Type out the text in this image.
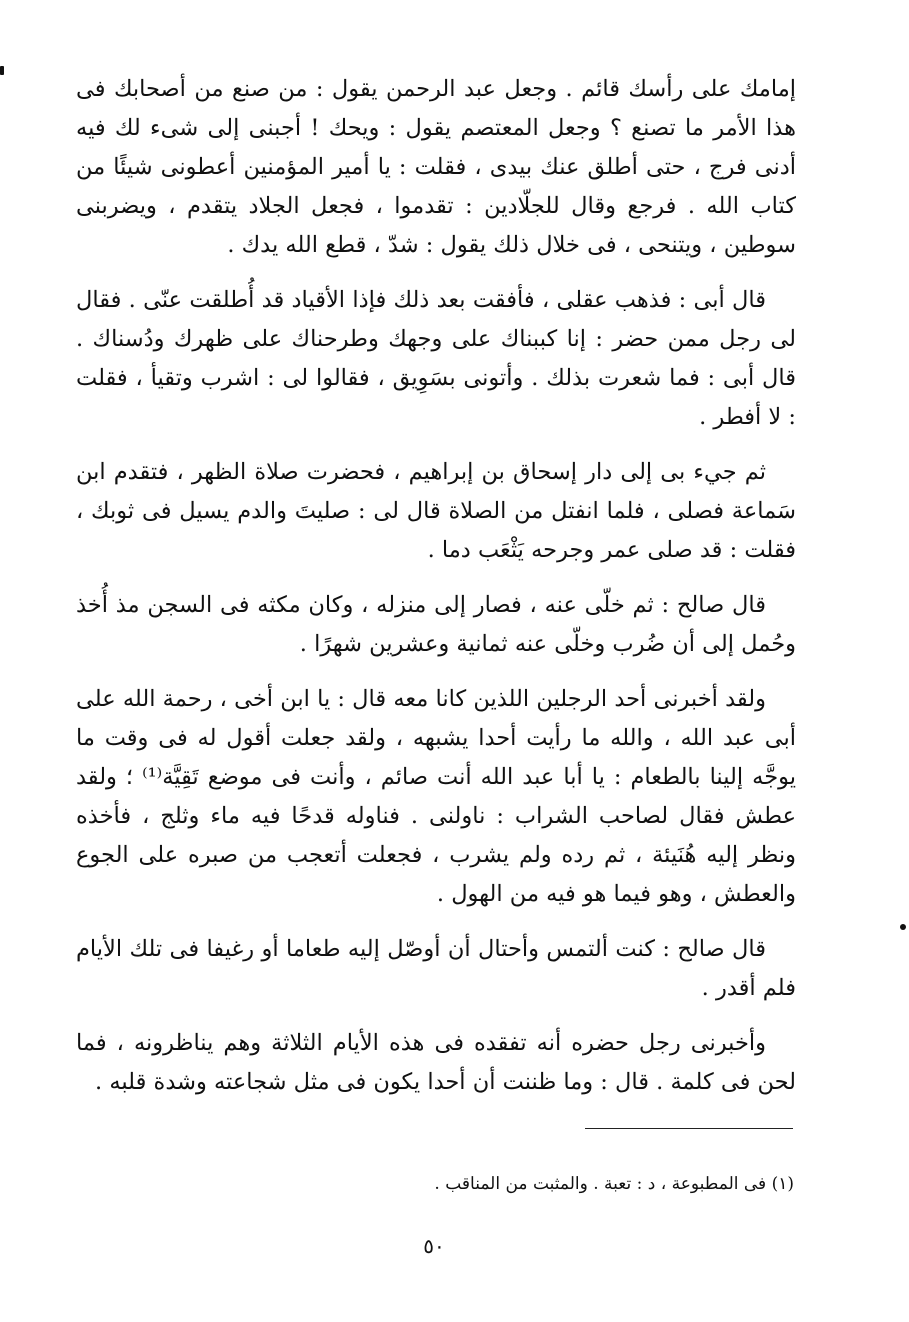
إمامك على رأسك قائم . وجعل عبد الرحمن يقول : من صنع من أصحابك فى هذا الأمر ما تصنع ؟ وجعل المعتصم يقول : ويحك ! أجبنى إلى شىء لك فيه أدنى فرج ، حتى أطلق عنك بيدى ، فقلت : يا أمير المؤمنين أعطونى شيئًا من كتاب الله . فرجع وقال للجلّادين : تقدموا ، فجعل الجلاد يتقدم ، ويضربنى سوطين ، ويتنحى ، فى خلال ذلك يقول : شدّ ، قطع الله يدك .

قال أبى : فذهب عقلى ، فأفقت بعد ذلك فإذا الأقياد قد أُطلقت عنّى . فقال لى رجل ممن حضر : إنا كببناك على وجهك وطرحناك على ظهرك ودُسناك . قال أبى : فما شعرت بذلك . وأتونى بسَوِيق ، فقالوا لى : اشرب وتقيأ ، فقلت : لا أفطر .

ثم جيء بى إلى دار إسحاق بن إبراهيم ، فحضرت صلاة الظهر ، فتقدم ابن سَماعة فصلى ، فلما انفتل من الصلاة قال لى : صليتَ والدم يسيل فى ثوبك ، فقلت : قد صلى عمر وجرحه يَثْعَب دما .

قال صالح : ثم خلّى عنه ، فصار إلى منزله ، وكان مكثه فى السجن مذ أُخذ وحُمل إلى أن ضُرب وخلّى عنه ثمانية وعشرين شهرًا .

ولقد أخبرنى أحد الرجلين اللذين كانا معه قال : يا ابن أخى ، رحمة الله على أبى عبد الله ، والله ما رأيت أحدا يشبهه ، ولقد جعلت أقول له فى وقت ما يوجَّه إلينا بالطعام : يا أبا عبد الله أنت صائم ، وأنت فى موضع تَقِيَّة⁽¹⁾ ؛ ولقد عطش فقال لصاحب الشراب : ناولنى . فناوله قدحًا فيه ماء وثلج ، فأخذه ونظر إليه هُنَيئة ، ثم رده ولم يشرب ، فجعلت أتعجب من صبره على الجوع والعطش ، وهو فيما هو فيه من الهول .

قال صالح : كنت ألتمس وأحتال أن أوصّل إليه طعاما أو رغيفا فى تلك الأيام فلم أقدر .

وأخبرنى رجل حضره أنه تفقده فى هذه الأيام الثلاثة وهم يناظرونه ، فما لحن فى كلمة . قال : وما ظننت أن أحدا يكون فى مثل شجاعته وشدة قلبه .

(١) فى المطبوعة ، د : تعبة . والمثبت من المناقب .
٥٠
